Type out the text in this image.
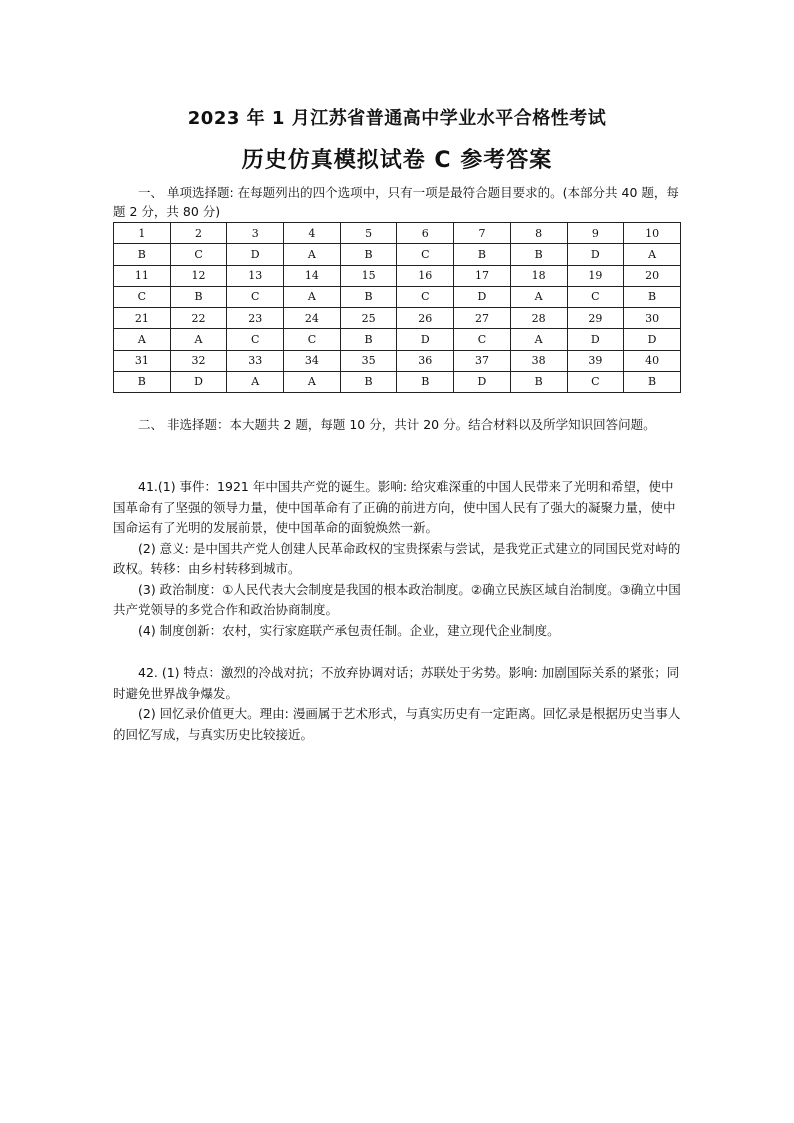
2023 年 1 月江苏省普通高中学业水平合格性考试
历史仿真模拟试卷 C 参考答案
一、 单项选择题: 在每题列出的四个选项中，只有一项是最符合题目要求的。(本部分共 40 题，每题 2 分，共 80 分)
1	2	3	4	5	6	7	8	9	10
B	C	D	A	B	C	B	B	D	A
11	12	13	14	15	16	17	18	19	20
C	B	C	A	B	C	D	A	C	B
21	22	23	24	25	26	27	28	29	30
A	A	C	C	B	D	C	A	D	D
31	32	33	34	35	36	37	38	39	40
B	D	A	A	B	B	D	B	C	B
二、 非选择题：本大题共 2 题，每题 10 分，共计 20 分。结合材料以及所学知识回答问题。

41.(1) 事件：1921 年中国共产党的诞生。影响: 给灾难深重的中国人民带来了光明和希望，使中国革命有了坚强的领导力量，使中国革命有了正确的前进方向，使中国人民有了强大的凝聚力量，使中国命运有了光明的发展前景，使中国革命的面貌焕然一新。

(2) 意义: 是中国共产党人创建人民革命政权的宝贵探索与尝试，是我党正式建立的同国民党对峙的政权。转移：由乡村转移到城市。

(3) 政治制度：①人民代表大会制度是我国的根本政治制度。②确立民族区域自治制度。③确立中国共产党领导的多党合作和政治协商制度。

(4) 制度创新：农村，实行家庭联产承包责任制。企业，建立现代企业制度。

42. (1) 特点：激烈的冷战对抗；不放弃协调对话；苏联处于劣势。影响: 加剧国际关系的紧张；同时避免世界战争爆发。

(2) 回忆录价值更大。理由: 漫画属于艺术形式，与真实历史有一定距离。回忆录是根据历史当事人的回忆写成，与真实历史比较接近。
